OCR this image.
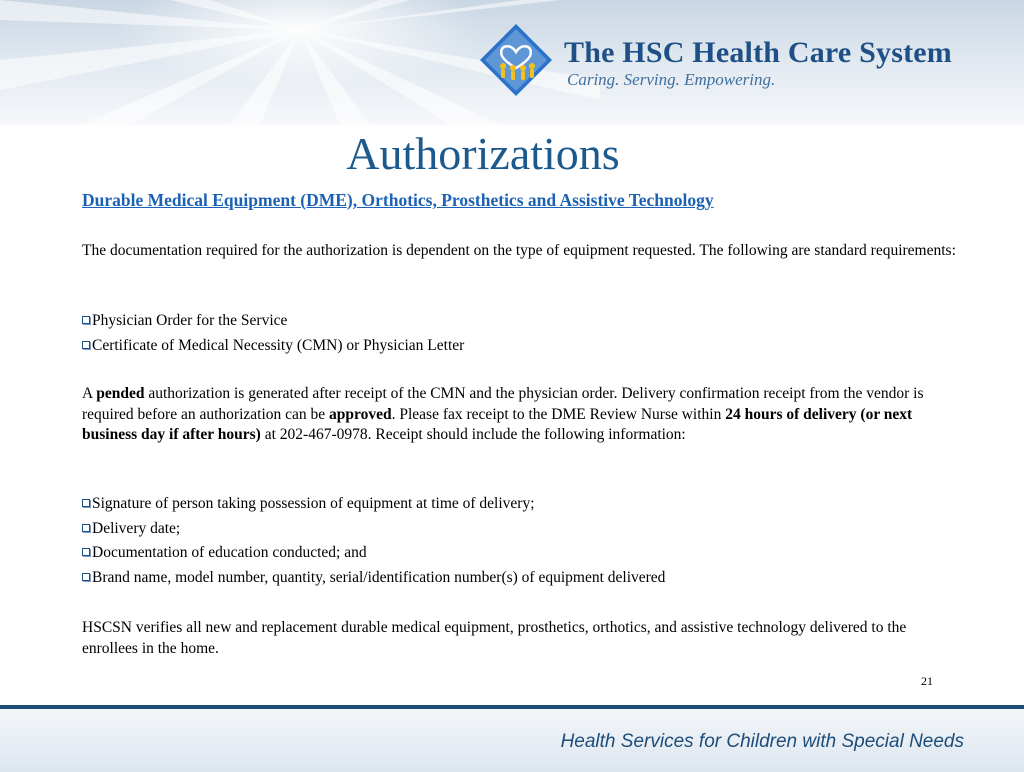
The HSC Health Care System
Caring. Serving. Empowering.
Authorizations
Durable Medical Equipment (DME), Orthotics, Prosthetics and Assistive Technology

The documentation required for the authorization is dependent on the type of equipment requested. The following are standard requirements:

Physician Order for the Service
Certificate of Medical Necessity (CMN) or Physician Letter

A pended authorization is generated after receipt of the CMN and the physician order. Delivery confirmation receipt from the vendor is required before an authorization can be approved. Please fax receipt to the DME Review Nurse within 24 hours of delivery (or next business day if after hours) at 202-467-0978. Receipt should include the following information:

Signature of person taking possession of equipment at time of delivery;
Delivery date;
Documentation of education conducted; and
Brand name, model number, quantity, serial/identification number(s) of equipment delivered

HSCSN verifies all new and replacement durable medical equipment, prosthetics, orthotics, and assistive technology delivered to the enrollees in the home.

21
Health Services for Children with Special Needs
